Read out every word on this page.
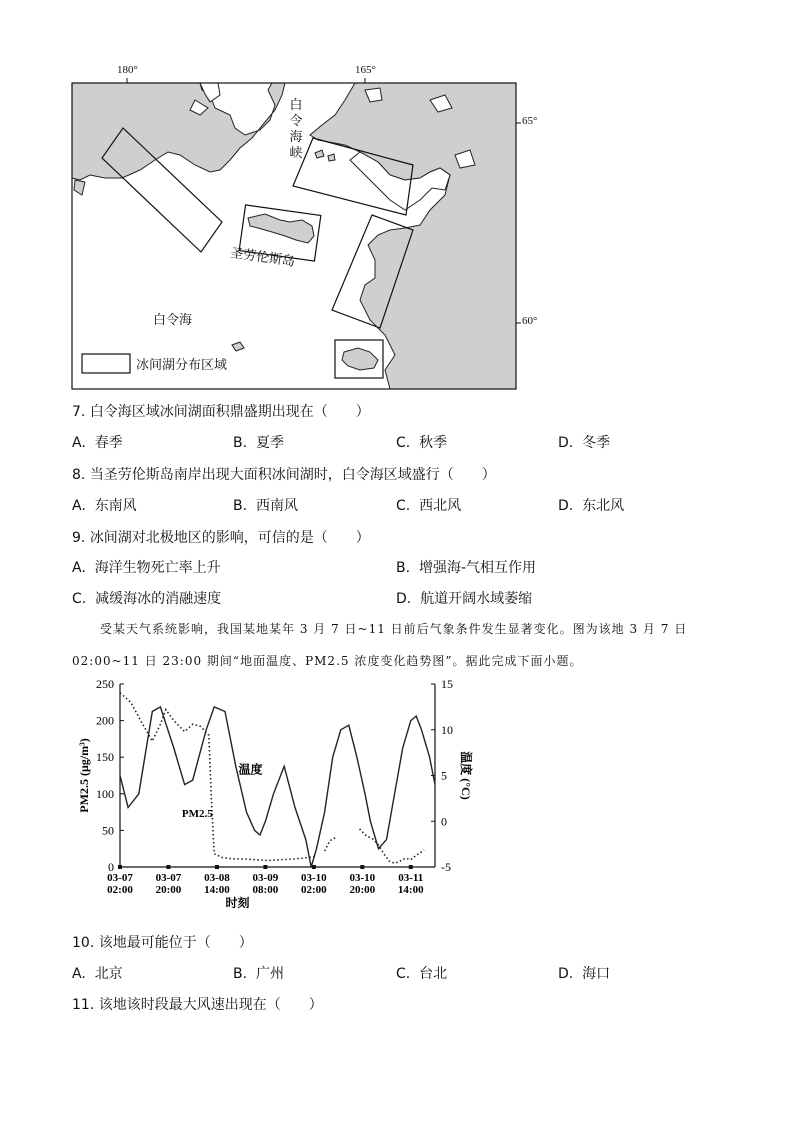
180°	165°
65°
60°
白
令
海
峡
圣劳伦斯岛
白令海
冰间湖分布区域
7. 白令海区域冰间湖面积鼎盛期出现在（　　）
A. 春季	B. 夏季	C. 秋季	D. 冬季
8. 当圣劳伦斯岛南岸出现大面积冰间湖时，白令海区域盛行（　　）
A. 东南风	B. 西南风	C. 西北风	D. 东北风
9. 冰间湖对北极地区的影响，可信的是（　　）
A. 海洋生物死亡率上升	B. 增强海-气相互作用
C. 减缓海冰的消融速度	D. 航道开阔水域萎缩
受某天气系统影响，我国某地某年 3 月 7 日~11 日前后气象条件发生显著变化。图为该地 3 月 7 日
02:00~11 日 23:00 期间“地面温度、PM2.5 浓度变化趋势图”。据此完成下面小题。
0
50
100
150
200
250
-5
0
5
10
15
03-07
02:00
03-07
20:00
03-08
14:00
03-09
08:00
03-10
02:00
03-10
20:00
03-11
14:00
时刻
PM2.5 (μg/m³)	温度 (°C)
温度
PM2.5
10. 该地最可能位于（　　）
A. 北京	B. 广州	C. 台北	D. 海口
11. 该地该时段最大风速出现在（　　）
